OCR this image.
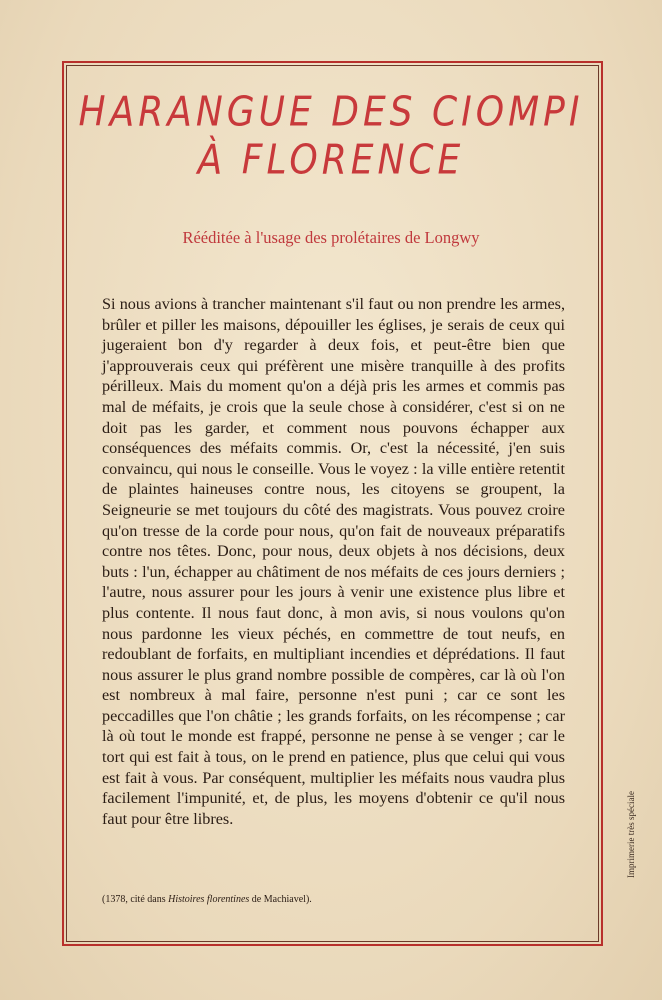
HARANGUE DES CIOMPI
À FLORENCE

Rééditée à l'usage des prolétaires de Longwy

Si nous avions à trancher maintenant s'il faut ou non prendre les armes, brûler et piller les maisons, dépouiller les églises, je serais de ceux qui jugeraient bon d'y regarder à deux fois, et peut-être bien que j'approuverais ceux qui préfèrent une misère tranquille à des profits périlleux. Mais du moment qu'on a déjà pris les armes et commis pas mal de méfaits, je crois que la seule chose à considérer, c'est si on ne doit pas les garder, et comment nous pouvons échapper aux conséquences des méfaits commis. Or, c'est la nécessité, j'en suis convaincu, qui nous le conseille. Vous le voyez : la ville entière retentit de plaintes haineuses contre nous, les citoyens se groupent, la Seigneurie se met toujours du côté des magistrats. Vous pouvez croire qu'on tresse de la corde pour nous, qu'on fait de nouveaux préparatifs contre nos têtes. Donc, pour nous, deux objets à nos décisions, deux buts : l'un, échapper au châtiment de nos méfaits de ces jours derniers ; l'autre, nous assurer pour les jours à venir une existence plus libre et plus contente. Il nous faut donc, à mon avis, si nous voulons qu'on nous pardonne les vieux péchés, en commettre de tout neufs, en redoublant de forfaits, en multipliant incendies et déprédations. Il faut nous assurer le plus grand nombre possible de compères, car là où l'on est nombreux à mal faire, personne n'est puni ; car ce sont les peccadilles que l'on châtie ; les grands forfaits, on les récompense ; car là où tout le monde est frappé, personne ne pense à se venger ; car le tort qui est fait à tous, on le prend en patience, plus que celui qui vous est fait à vous. Par conséquent, multiplier les méfaits nous vaudra plus facilement l'impunité, et, de plus, les moyens d'obtenir ce qu'il nous faut pour être libres.

(1378, cité dans Histoires florentines de Machiavel).

Imprimerie très spéciale
